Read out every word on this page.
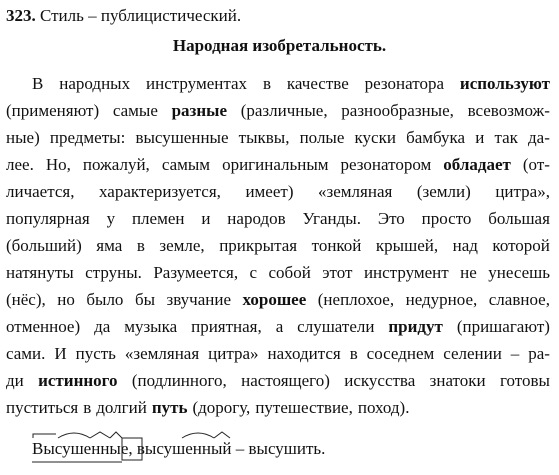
323. Стиль – публицистический.
Народная изобретальность.
В народных инструментах в качестве резонатора используют
(применяют) самые разные (различные, разнообразные, всевозмож-
ные) предметы: высушенные тыквы, полые куски бамбука и так да-
лее. Но, пожалуй, самым оригинальным резонатором обладает (от-
личается, характеризуется, имеет) «земляная (земли) цитра»,
популярная у племен и народов Уганды. Это просто большая
(больший) яма в земле, прикрытая тонкой крышей, над которой
натянуты струны. Разумеется, с собой этот инструмент не унесешь
(нёс), но было бы звучание хорошее (неплохое, недурное, славное,
отменное) да музыка приятная, а слушатели придут (пришагают)
сами. И пусть «земляная цитра» находится в соседнем селении – ра-
ди истинного (подлинного, настоящего) искусства знатоки готовы
пуститься в долгий путь (дорогу, путешествие, поход).
Высушенные, высушенный – высушить.
